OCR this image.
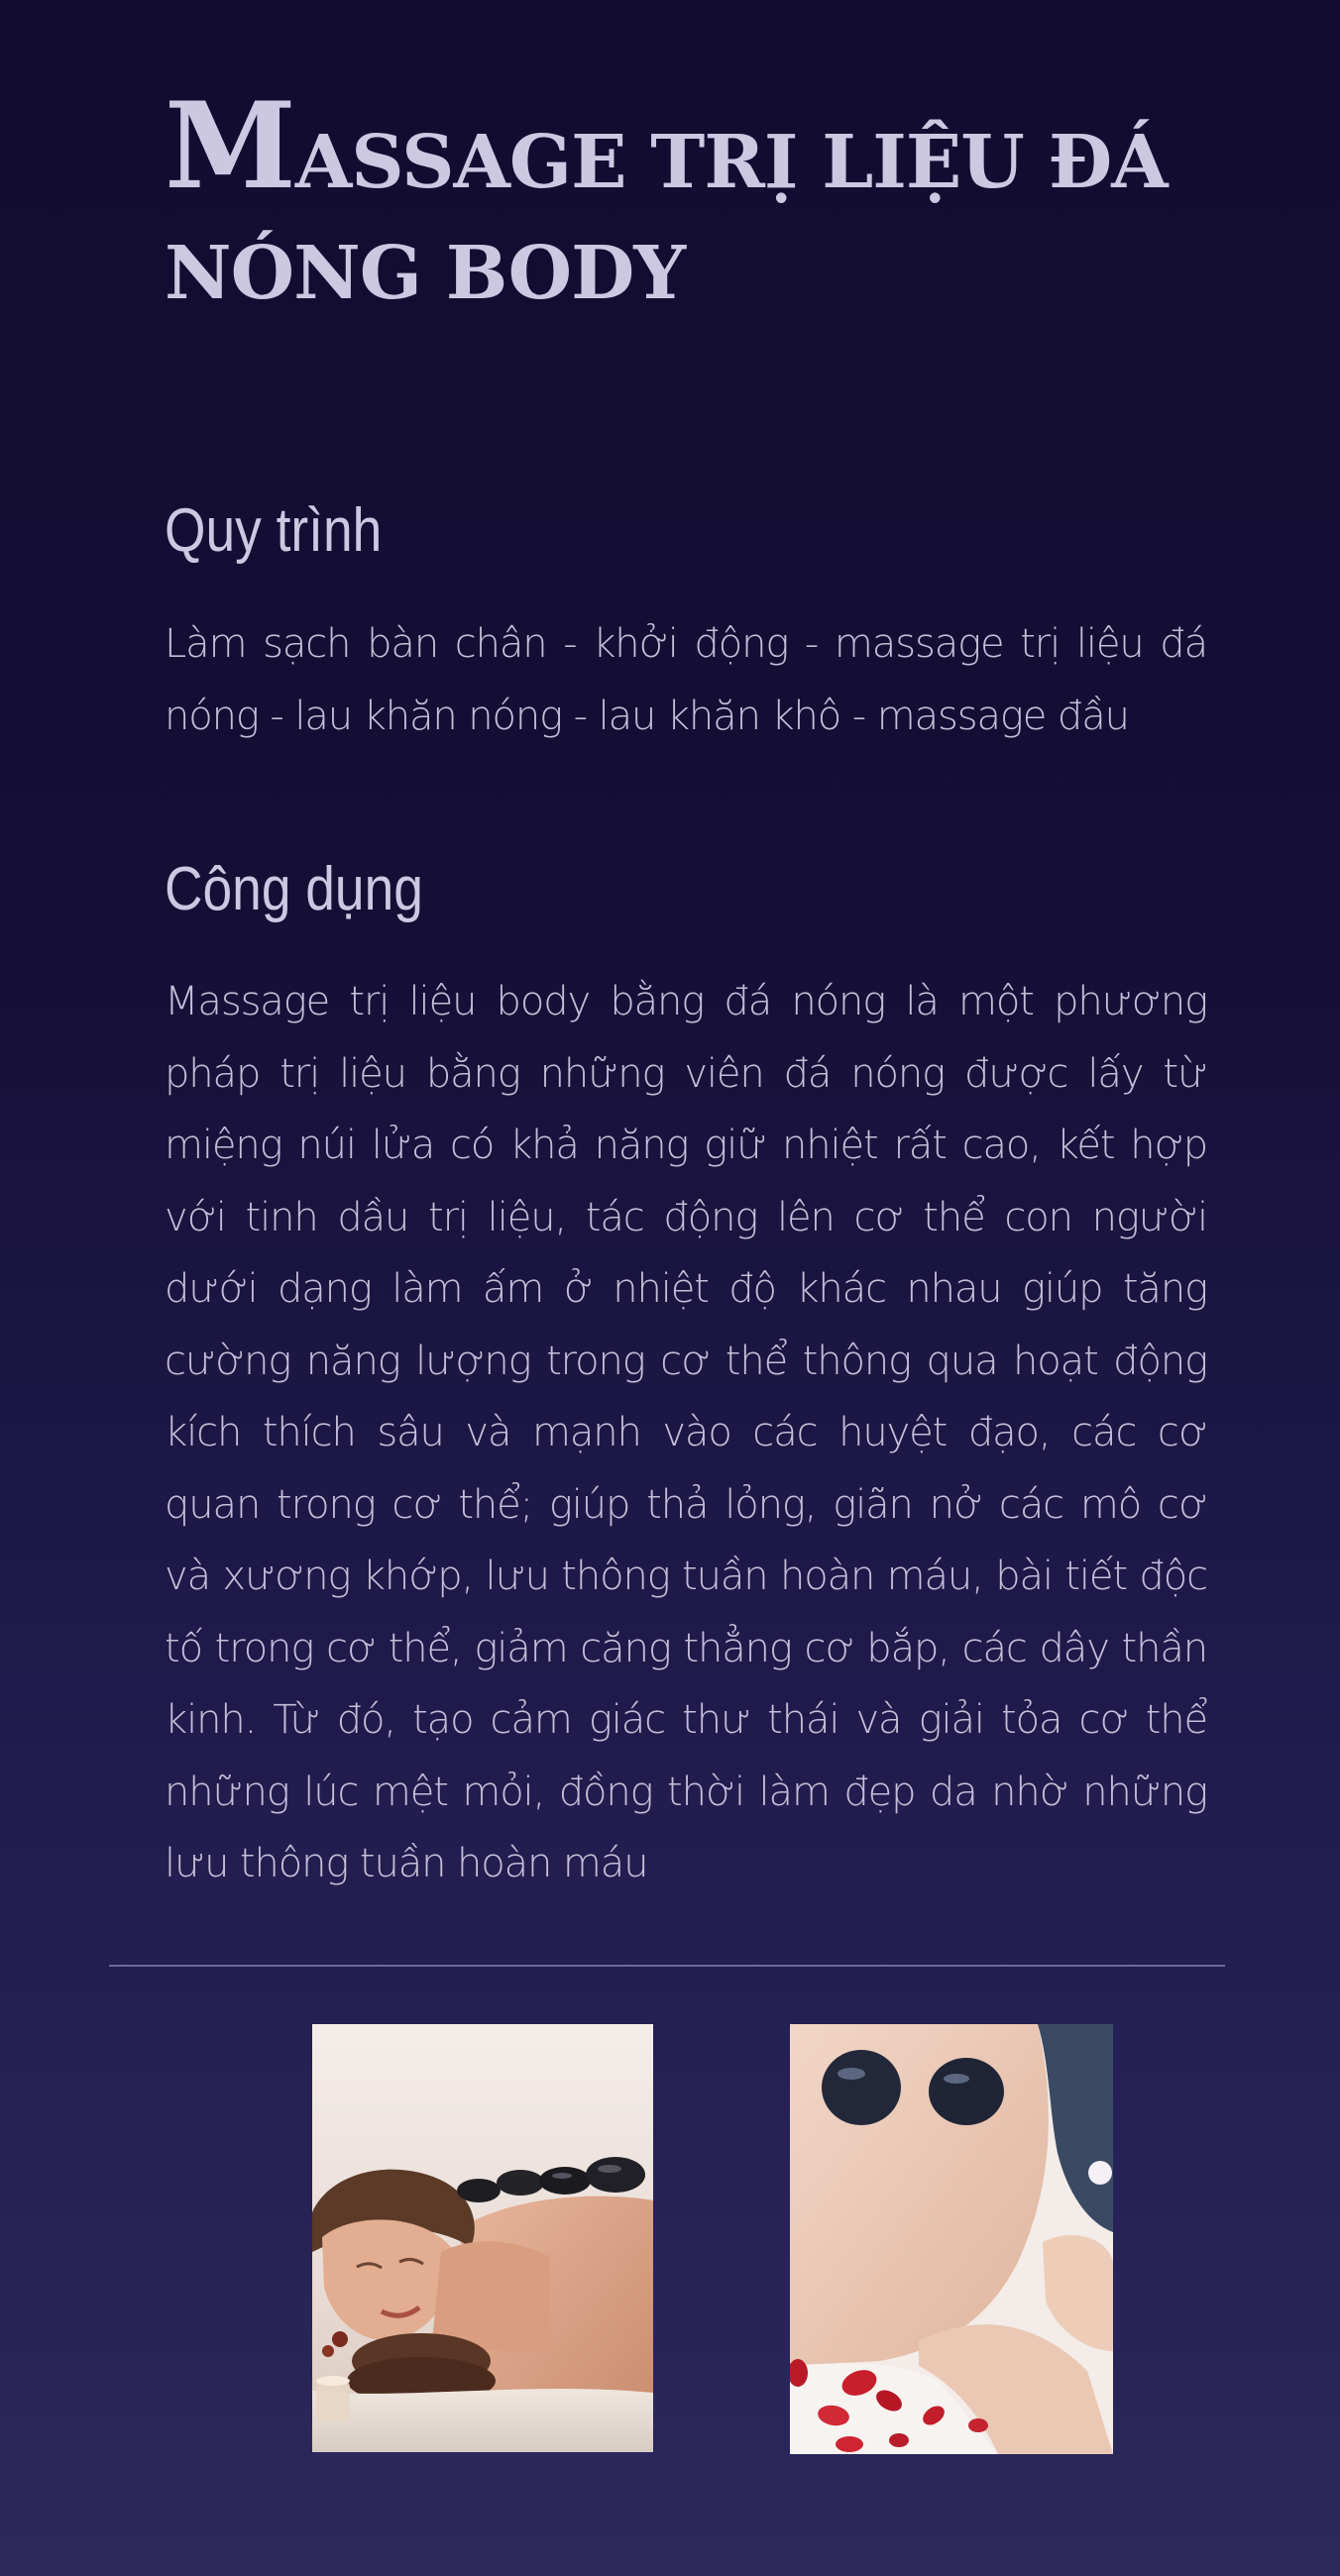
MASSAGE TRỊ LIỆU ĐÁ
NÓNG BODY
Quy trình

Làm sạch bàn chân - khởi động - massage trị liệu đá nóng - lau khăn nóng - lau khăn khô - massage đầu

Công dụng

Massage trị liệu body bằng đá nóng là một phương pháp trị liệu bằng những viên đá nóng được lấy từ miệng núi lửa có khả năng giữ nhiệt rất cao, kết hợp với tinh dầu trị liệu, tác động lên cơ thể con người dưới dạng làm ấm ở nhiệt độ khác nhau giúp tăng cường năng lượng trong cơ thể thông qua hoạt động kích thích sâu và mạnh vào các huyệt đạo, các cơ quan trong cơ thể; giúp thả lỏng, giãn nở các mô cơ và xương khớp, lưu thông tuần hoàn máu, bài tiết độc tố trong cơ thể, giảm căng thẳng cơ bắp, các dây thần kinh. Từ đó, tạo cảm giác thư thái và giải tỏa cơ thể những lúc mệt mỏi, đồng thời làm đẹp da nhờ những lưu thông tuần hoàn máu
